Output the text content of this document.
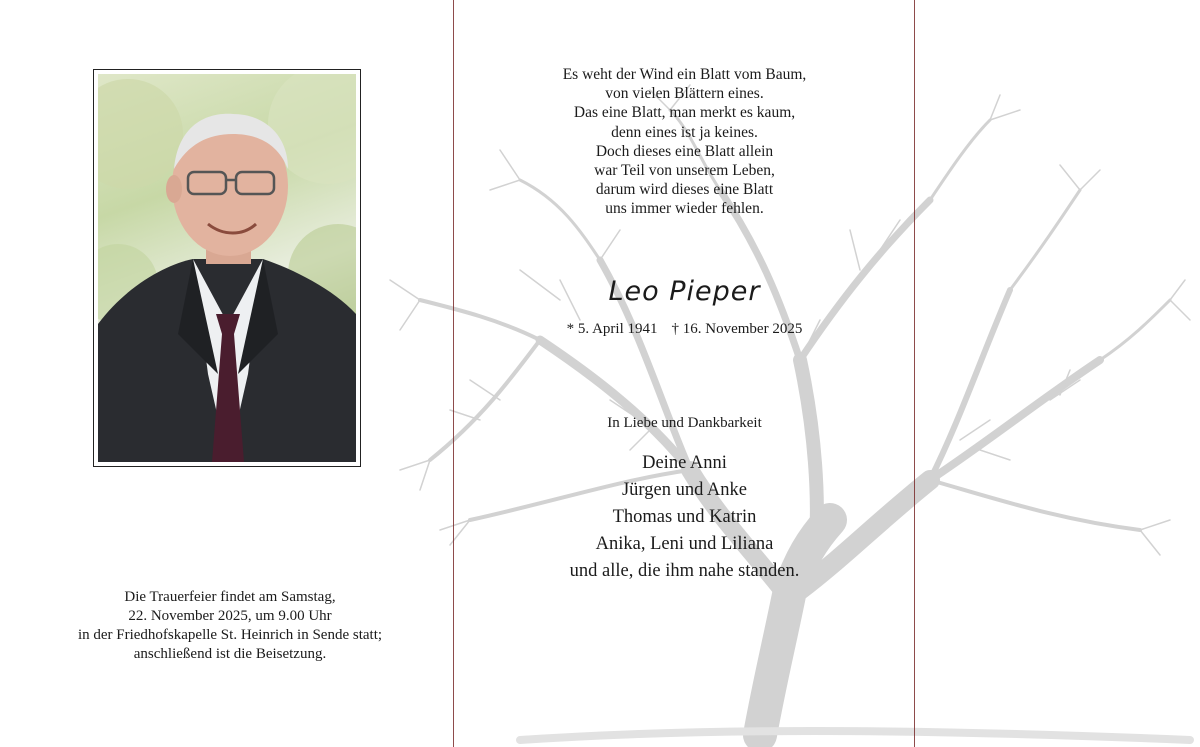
Die Trauerfeier findet am Samstag,
22. November 2025, um 9.00 Uhr
in der Friedhofskapelle St. Heinrich in Sende statt;
anschließend ist die Beisetzung.
Es weht der Wind ein Blatt vom Baum,
von vielen Blättern eines.
Das eine Blatt, man merkt es kaum,
denn eines ist ja keines.
Doch dieses eine Blatt allein
war Teil von unserem Leben,
darum wird dieses eine Blatt
uns immer wieder fehlen.
Leo Pieper
* 5. April 1941 † 16. November 2025
In Liebe und Dankbarkeit
Deine Anni
Jürgen und Anke
Thomas und Katrin
Anika, Leni und Liliana
und alle, die ihm nahe standen.
